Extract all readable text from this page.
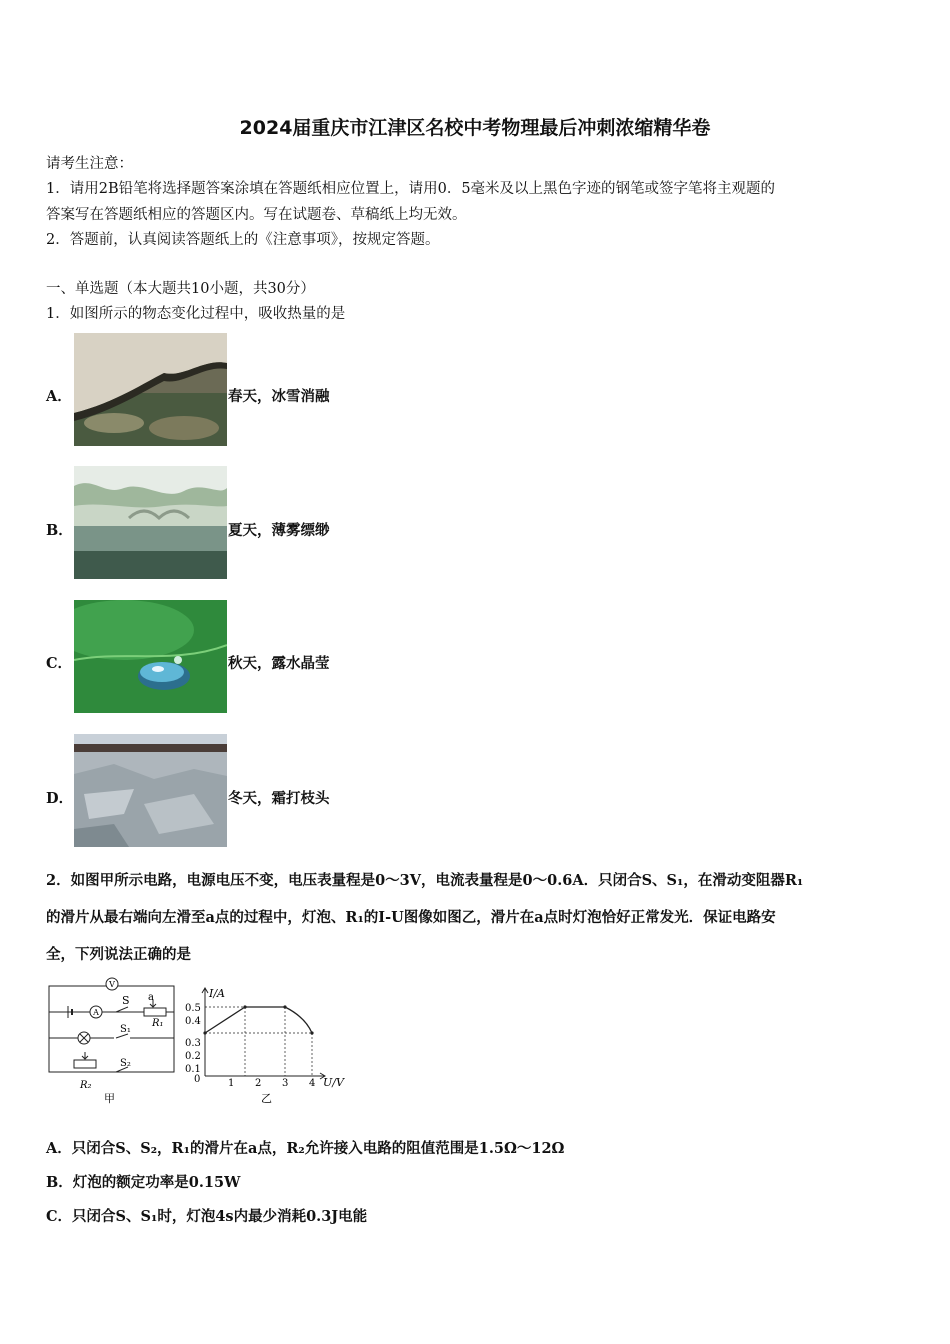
2024届重庆市江津区名校中考物理最后冲刺浓缩精华卷
请考生注意：
1．请用2B铅笔将选择题答案涂填在答题纸相应位置上，请用0．5毫米及以上黑色字迹的钢笔或签字笔将主观题的
答案写在答题纸相应的答题区内。写在试题卷、草稿纸上均无效。
2．答题前，认真阅读答题纸上的《注意事项》，按规定答题。
一、单选题（本大题共10小题，共30分）
1．如图所示的物态变化过程中，吸收热量的是
A．	春天，冰雪消融
B．	夏天，薄雾缥缈
C．	秋天，露水晶莹
D．	冬天，霜打枝头
2．如图甲所示电路，电源电压不变，电压表量程是0～3V，电流表量程是0～0.6A．只闭合S、S₁，在滑动变阻器R₁
的滑片从最右端向左滑至a点的过程中，灯泡、R₁的I-U图像如图乙，滑片在a点时灯泡恰好正常发光．保证电路安
全，下列说法正确的是
V
A
S a
R₁
S₁
S₂
R₂
甲
I/A
U/V
0
0.1
0.2
0.3
0.4
0.5
1 2 3 4
乙
A．只闭合S、S₂，R₁的滑片在a点，R₂允许接入电路的阻值范围是1.5Ω～12Ω
B．灯泡的额定功率是0.15W
C．只闭合S、S₁时，灯泡4s内最少消耗0.3J电能
